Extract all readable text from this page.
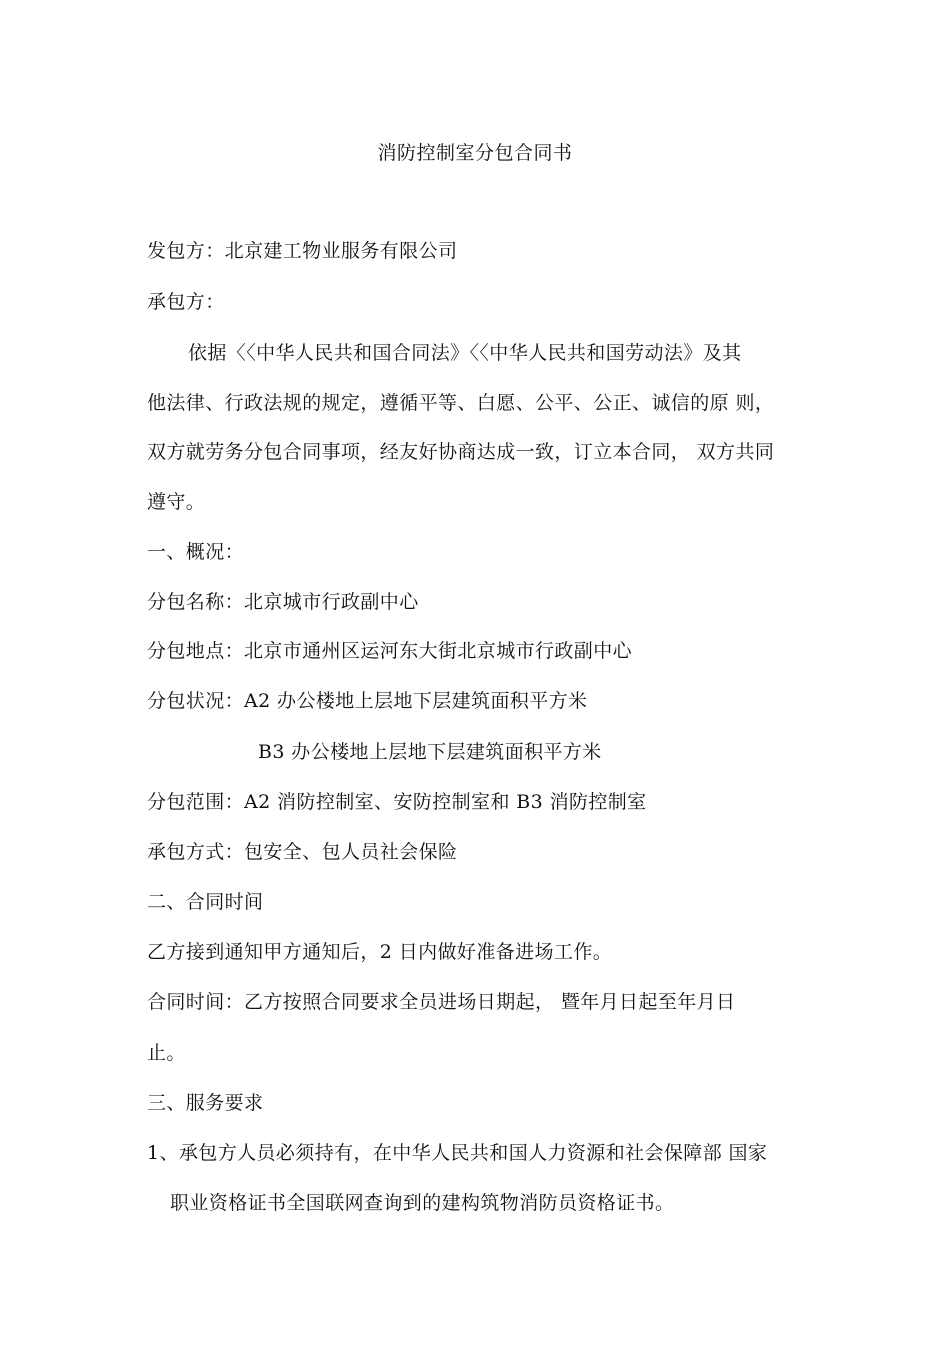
消防控制室分包合同书
发包方：北京建工物业服务有限公司
承包方：
依据〈〈中华人民共和国合同法》〈〈中华人民共和国劳动法》及其
他法律、行政法规的规定，遵循平等、白愿、公平、公正、诚信的原 则，
双方就劳务分包合同事项，经友好协商达成一致，订立本合同， 双方共同
遵守。
一、概况：
分包名称：北京城市行政副中心
分包地点：北京市通州区运河东大街北京城市行政副中心
分包状况：A2 办公楼地上层地下层建筑面积平方米
B3 办公楼地上层地下层建筑面积平方米
分包范围：A2 消防控制室、安防控制室和 B3 消防控制室
承包方式：包安全、包人员社会保险
二、合同时间
乙方接到通知甲方通知后，2 日内做好准备进场工作。
合同时间：乙方按照合同要求全员进场日期起， 暨年月日起至年月日
止。
三、服务要求
1、承包方人员必须持有，在中华人民共和国人力资源和社会保障部 国家
职业资格证书全国联网查询到的建构筑物消防员资格证书。
